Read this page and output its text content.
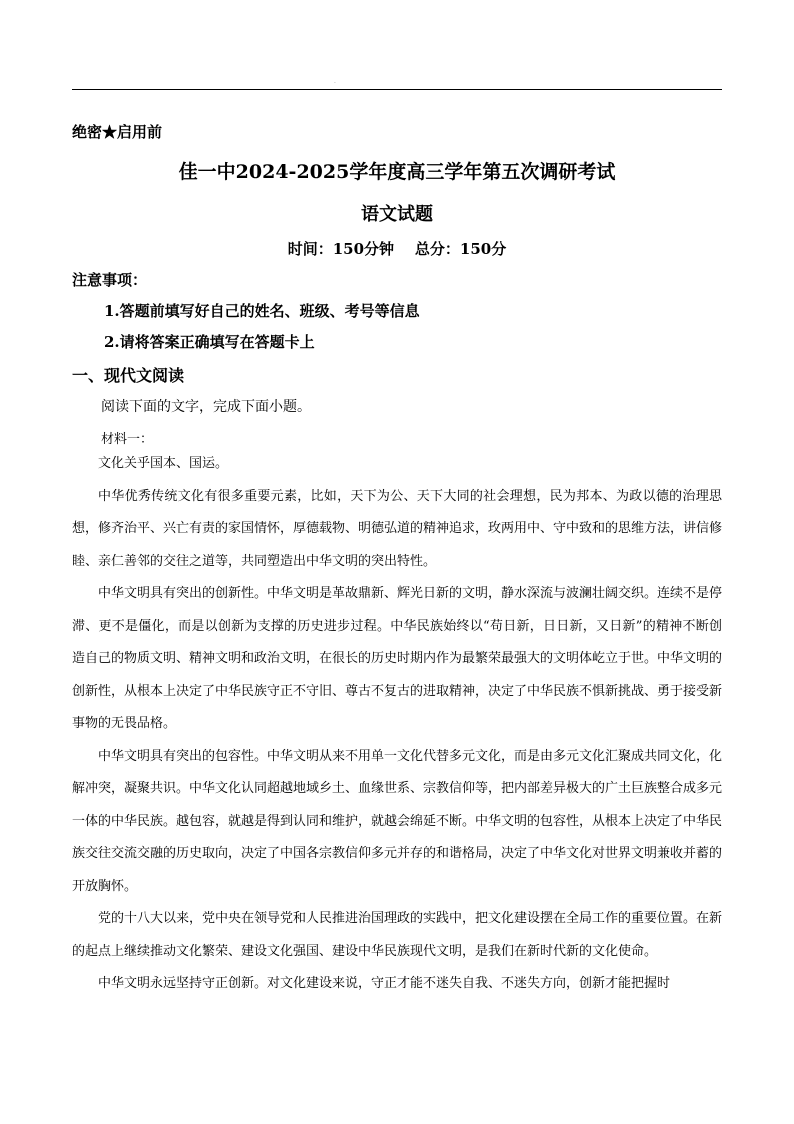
·
绝密★启用前
佳一中2024-2025学年度高三学年第五次调研考试
语文试题
时间：150分钟    总分：150分
注意事项：
1.答题前填写好自己的姓名、班级、考号等信息
2.请将答案正确填写在答题卡上
一、现代文阅读
阅读下面的文字，完成下面小题。
材料一：

文化关乎国本、国运。

中华优秀传统文化有很多重要元素，比如，天下为公、天下大同的社会理想，民为邦本、为政以德的治理思想，修齐治平、兴亡有责的家国情怀，厚德载物、明德弘道的精神追求，玫两用中、守中致和的思维方法，讲信修睦、亲仁善邻的交往之道等，共同塑造出中华文明的突出特性。

中华文明具有突出的创新性。中华文明是革故鼎新、辉光日新的文明，静水深流与波澜壮阔交织。连续不是停滞、更不是僵化，而是以创新为支撑的历史进步过程。中华民族始终以“苟日新，日日新，又日新”的精神不断创造自己的物质文明、精神文明和政治文明，在很长的历史时期内作为最繁荣最强大的文明体屹立于世。中华文明的创新性，从根本上决定了中华民族守正不守旧、尊古不复古的进取精神，决定了中华民族不惧新挑战、勇于接受新事物的无畏品格。

中华文明具有突出的包容性。中华文明从来不用单一文化代替多元文化，而是由多元文化汇聚成共同文化，化解冲突，凝聚共识。中华文化认同超越地域乡土、血缘世系、宗教信仰等，把内部差异极大的广土巨族整合成多元一体的中华民族。越包容，就越是得到认同和维护，就越会绵延不断。中华文明的包容性，从根本上决定了中华民族交往交流交融的历史取向，决定了中国各宗教信仰多元并存的和谐格局，决定了中华文化对世界文明兼收并蓄的开放胸怀。

党的十八大以来，党中央在领导党和人民推进治国理政的实践中，把文化建设摆在全局工作的重要位置。在新的起点上继续推动文化繁荣、建设文化强国、建设中华民族现代文明，是我们在新时代新的文化使命。

中华文明永远坚持守正创新。对文化建设来说，守正才能不迷失自我、不迷失方向，创新才能把握时
